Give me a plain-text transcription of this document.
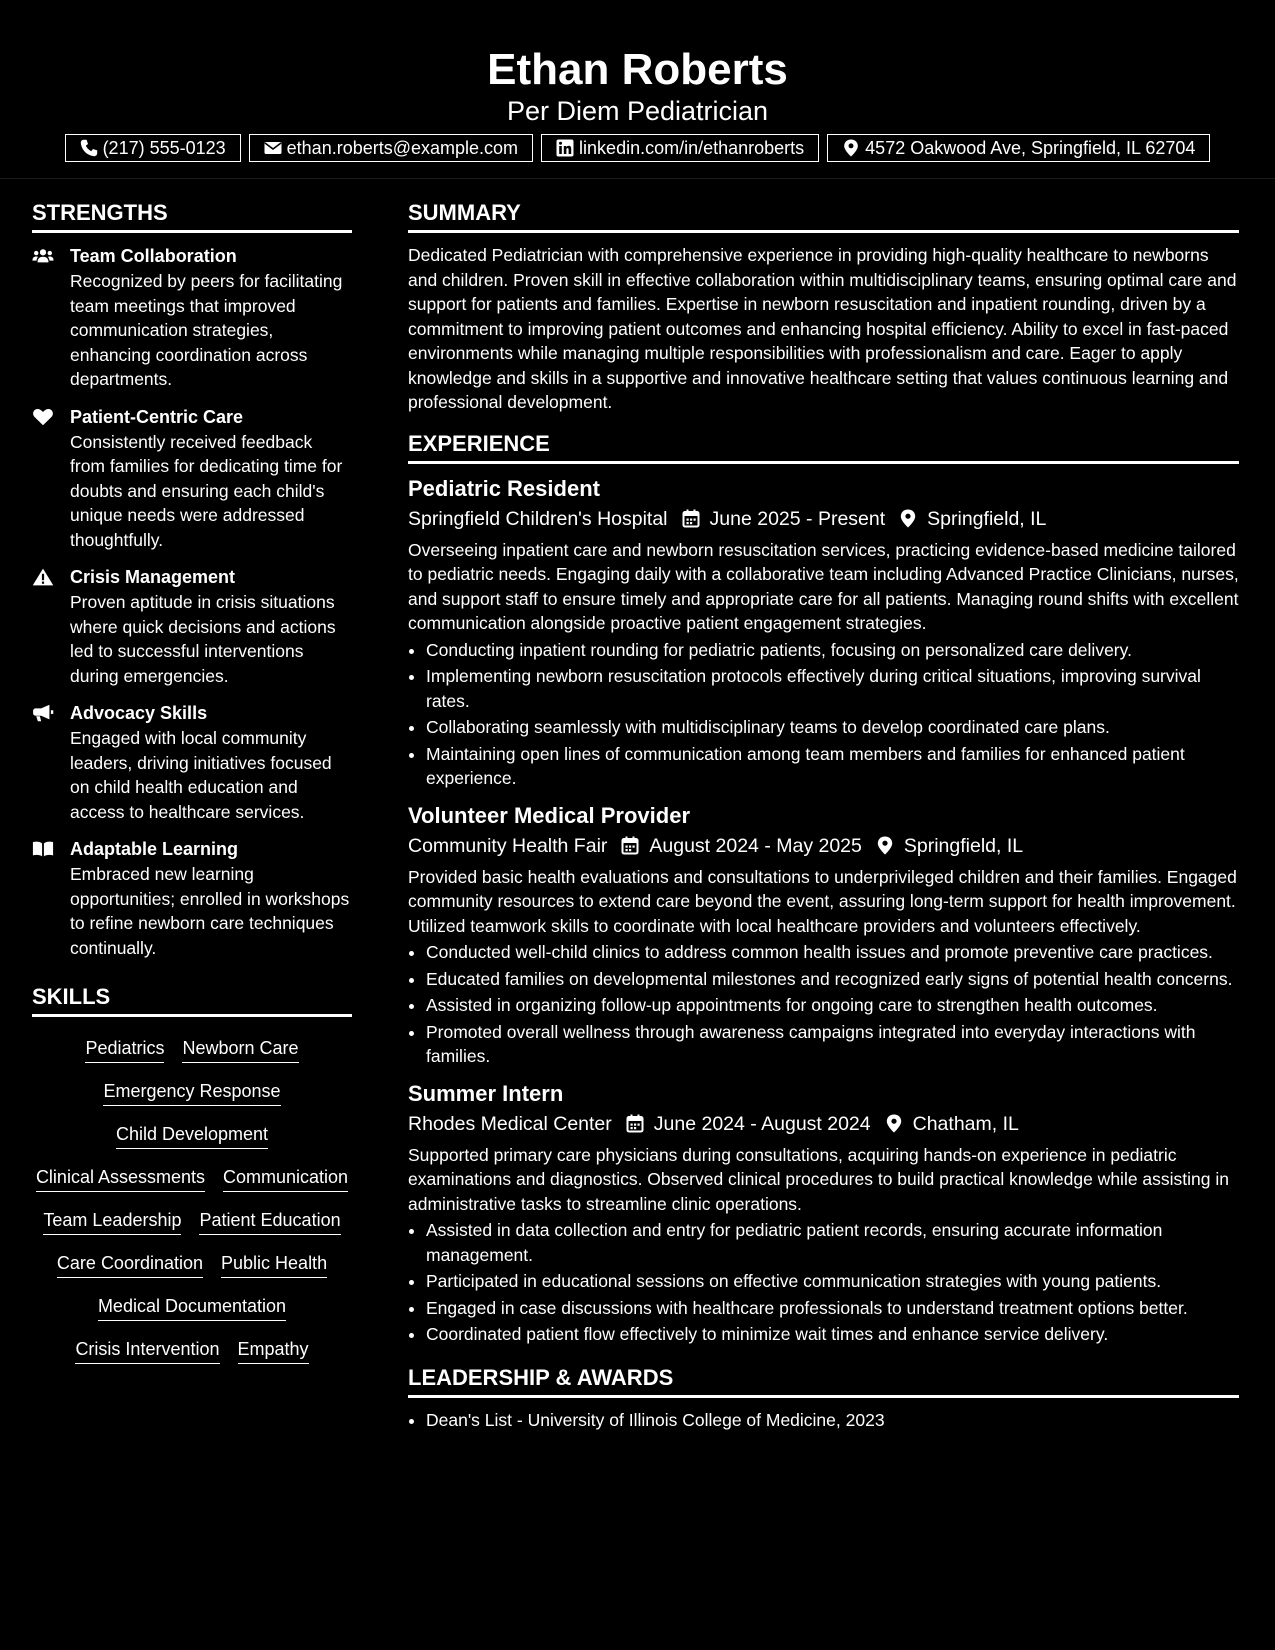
Ethan Roberts
Per Diem Pediatrician
(217) 555-0123	ethan.roberts@example.com	linkedin.com/in/ethanroberts	4572 Oakwood Ave, Springfield, IL 62704
STRENGTHS
Team Collaboration
Recognized by peers for facilitating team meetings that improved communication strategies, enhancing coordination across departments.
Patient-Centric Care
Consistently received feedback from families for dedicating time for doubts and ensuring each child's unique needs were addressed thoughtfully.
Crisis Management
Proven aptitude in crisis situations where quick decisions and actions led to successful interventions during emergencies.
Advocacy Skills
Engaged with local community leaders, driving initiatives focused on child health education and access to healthcare services.
Adaptable Learning
Embraced new learning opportunities; enrolled in workshops to refine newborn care techniques continually.
SKILLS
Pediatrics Newborn Care
Emergency Response
Child Development
Clinical Assessments Communication
Team Leadership Patient Education
Care Coordination Public Health
Medical Documentation
Crisis Intervention Empathy
SUMMARY
Dedicated Pediatrician with comprehensive experience in providing high-quality healthcare to newborns and children. Proven skill in effective collaboration within multidisciplinary teams, ensuring optimal care and support for patients and families. Expertise in newborn resuscitation and inpatient rounding, driven by a commitment to improving patient outcomes and enhancing hospital efficiency. Ability to excel in fast-paced environments while managing multiple responsibilities with professionalism and care. Eager to apply knowledge and skills in a supportive and innovative healthcare setting that values continuous learning and professional development.
EXPERIENCE
Pediatric Resident
Springfield Children's Hospital June 2025 - Present Springfield, IL
Overseeing inpatient care and newborn resuscitation services, practicing evidence-based medicine tailored to pediatric needs. Engaging daily with a collaborative team including Advanced Practice Clinicians, nurses, and support staff to ensure timely and appropriate care for all patients. Managing round shifts with excellent communication alongside proactive patient engagement strategies.
• Conducting inpatient rounding for pediatric patients, focusing on personalized care delivery.
• Implementing newborn resuscitation protocols effectively during critical situations, improving survival rates.
• Collaborating seamlessly with multidisciplinary teams to develop coordinated care plans.
• Maintaining open lines of communication among team members and families for enhanced patient experience.
Volunteer Medical Provider
Community Health Fair August 2024 - May 2025 Springfield, IL
Provided basic health evaluations and consultations to underprivileged children and their families. Engaged community resources to extend care beyond the event, assuring long-term support for health improvement. Utilized teamwork skills to coordinate with local healthcare providers and volunteers effectively.
• Conducted well-child clinics to address common health issues and promote preventive care practices.
• Educated families on developmental milestones and recognized early signs of potential health concerns.
• Assisted in organizing follow-up appointments for ongoing care to strengthen health outcomes.
• Promoted overall wellness through awareness campaigns integrated into everyday interactions with families.
Summer Intern
Rhodes Medical Center June 2024 - August 2024 Chatham, IL
Supported primary care physicians during consultations, acquiring hands-on experience in pediatric examinations and diagnostics. Observed clinical procedures to build practical knowledge while assisting in administrative tasks to streamline clinic operations.
• Assisted in data collection and entry for pediatric patient records, ensuring accurate information management.
• Participated in educational sessions on effective communication strategies with young patients.
• Engaged in case discussions with healthcare professionals to understand treatment options better.
• Coordinated patient flow effectively to minimize wait times and enhance service delivery.
LEADERSHIP & AWARDS
• Dean's List - University of Illinois College of Medicine, 2023
